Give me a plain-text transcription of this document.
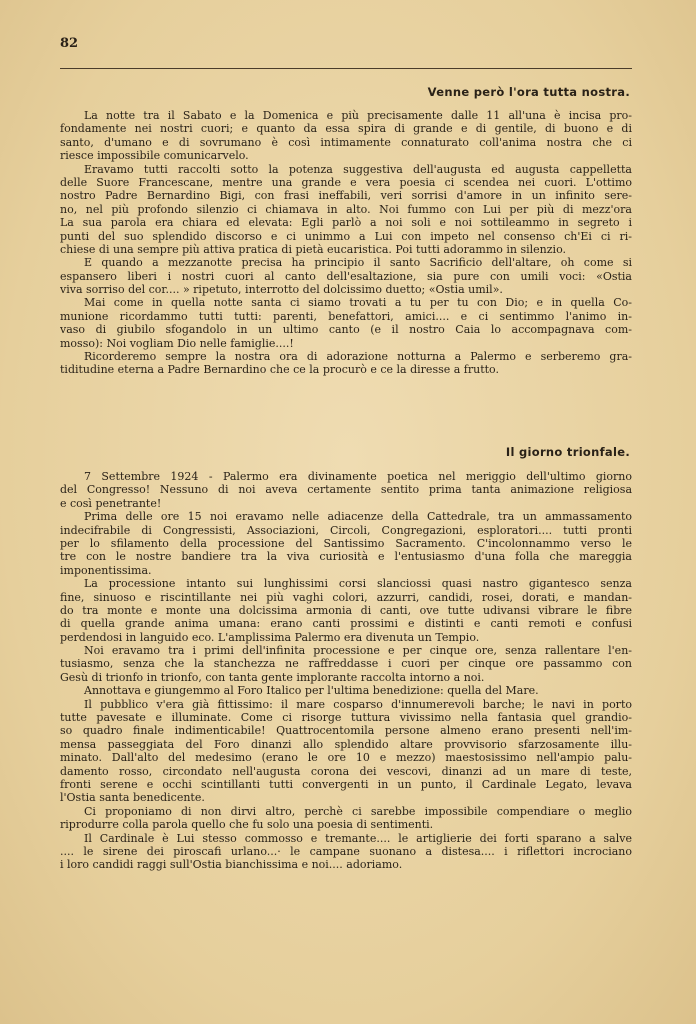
82
Venne però l'ora tutta nostra.
La notte tra il Sabato e la Domenica e più precisamente dalle 11 all'una è incisa pro-
fondamente nei nostri cuori; e quanto da essa spira di grande e di gentile, di buono e di
santo, d'umano e di sovrumano è così intimamente connaturato coll'anima nostra che ci
riesce impossibile comunicarvelo.
Eravamo tutti raccolti sotto la potenza suggestiva dell'augusta ed augusta cappelletta
delle Suore Francescane, mentre una grande e vera poesia ci scendea nei cuori. L'ottimo
nostro Padre Bernardino Bigi, con frasi ineffabili, veri sorrisi d'amore in un infinito sere-
no, nel più profondo silenzio ci chiamava in alto. Noi fummo con Lui per più di mezz'ora
La sua parola era chiara ed elevata: Egli parlò a noi soli e noi sottileammo in segreto i
punti del suo splendido discorso e ci unimmo a Lui con impeto nel consenso ch'Ei ci ri-
chiese di una sempre più attiva pratica di pietà eucaristica. Poi tutti adorammo in silenzio.
E quando a mezzanotte precisa ha principio il santo Sacrificio dell'altare, oh come si
espansero liberi i nostri cuori al canto dell'esaltazione, sia pure con umili voci: «Ostia
viva sorriso del cor.... » ripetuto, interrotto del dolcissimo duetto; «Ostia umil».
Mai come in quella notte santa ci siamo trovati a tu per tu con Dio; e in quella Co-
munione ricordammo tutti tutti: parenti, benefattori, amici.... e ci sentimmo l'animo in-
vaso di giubilo sfogandolo in un ultimo canto (e il nostro Caia lo accompagnava com-
mosso): Noi vogliam Dio nelle famiglie....!
Ricorderemo sempre la nostra ora di adorazione notturna a Palermo e serberemo gra-
tiditudine eterna a Padre Bernardino che ce la procurò e ce la diresse a frutto.
Il giorno trionfale.
7 Settembre 1924 - Palermo era divinamente poetica nel meriggio dell'ultimo giorno
del Congresso! Nessuno di noi aveva certamente sentito prima tanta animazione religiosa
e così penetrante!
Prima delle ore 15 noi eravamo nelle adiacenze della Cattedrale, tra un ammassamento
indecifrabile di Congressisti, Associazioni, Circoli, Congregazioni, esploratori.... tutti pronti
per lo sfilamento della processione del Santissimo Sacramento. C'incolonnammo verso le
tre con le nostre bandiere tra la viva curiosità e l'entusiasmo d'una folla che mareggia
imponentissima.
La processione intanto sui lunghissimi corsi slanciossi quasi nastro gigantesco senza
fine, sinuoso e riscintillante nei più vaghi colori, azzurri, candidi, rosei, dorati, e mandan-
do tra monte e monte una dolcissima armonia di canti, ove tutte udivansi vibrare le fibre
di quella grande anima umana: erano canti prossimi e distinti e canti remoti e confusi
perdendosi in languido eco. L'amplissima Palermo era divenuta un Tempio.
Noi eravamo tra i primi dell'infinita processione e per cinque ore, senza rallentare l'en-
tusiasmo, senza che la stanchezza ne raffreddasse i cuori per cinque ore passammo con
Gesù di trionfo in trionfo, con tanta gente implorante raccolta intorno a noi.
Annottava e giungemmo al Foro Italico per l'ultima benedizione: quella del Mare.
Il pubblico v'era già fittissimo: il mare cosparso d'innumerevoli barche; le navi in porto
tutte pavesate e illuminate. Come ci risorge tuttura vivissimo nella fantasia quel grandio-
so quadro finale indimenticabile! Quattrocentomila persone almeno erano presenti nell'im-
mensa passeggiata del Foro dinanzi allo splendido altare provvisorio sfarzosamente illu-
minato. Dall'alto del medesimo (erano le ore 10 e mezzo) maestosissimo nell'ampio palu-
damento rosso, circondato nell'augusta corona dei vescovi, dinanzi ad un mare di teste,
fronti serene e occhi scintillanti tutti convergenti in un punto, il Cardinale Legato, levava
l'Ostia santa benedicente.
Ci proponiamo di non dirvi altro, perchè ci sarebbe impossibile compendiare o meglio
riprodurre colla parola quello che fu solo una poesia di sentimenti.
Il Cardinale è Lui stesso commosso e tremante.... le artiglierie dei forti sparano a salve
.... le sirene dei piroscafi urlano...· le campane suonano a distesa.... i riflettori incrociano
i loro candidi raggi sull'Ostia bianchissima e noi.... adoriamo.
